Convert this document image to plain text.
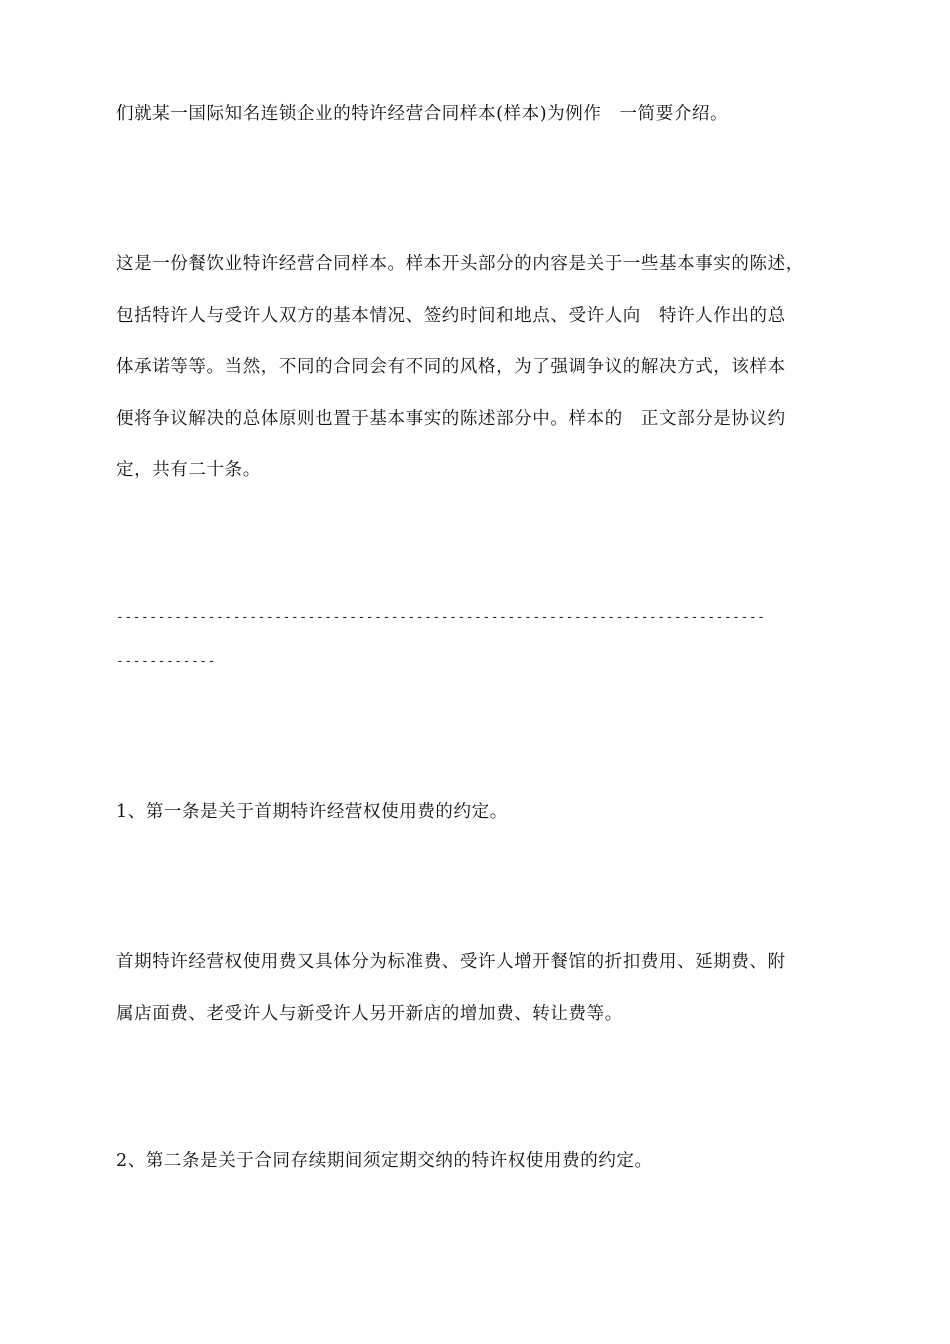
们就某一国际知名连锁企业的特许经营合同样本(样本)为例作　一简要介绍。

这是一份餐饮业特许经营合同样本。样本开头部分的内容是关于一些基本事实的陈述，
包括特许人与受许人双方的基本情况、签约时间和地点、受许人向　特许人作出的总
体承诺等等。当然，不同的合同会有不同的风格，为了强调争议的解决方式，该样本
便将争议解决的总体原则也置于基本事实的陈述部分中。样本的　正文部分是协议约
定，共有二十条。

------------------------------------------------------------------------------
------------

1、第一条是关于首期特许经营权使用费的约定。

首期特许经营权使用费又具体分为标准费、受许人增开餐馆的折扣费用、延期费、附
属店面费、老受许人与新受许人另开新店的增加费、转让费等。

2、第二条是关于合同存续期间须定期交纳的特许权使用费的约定。
